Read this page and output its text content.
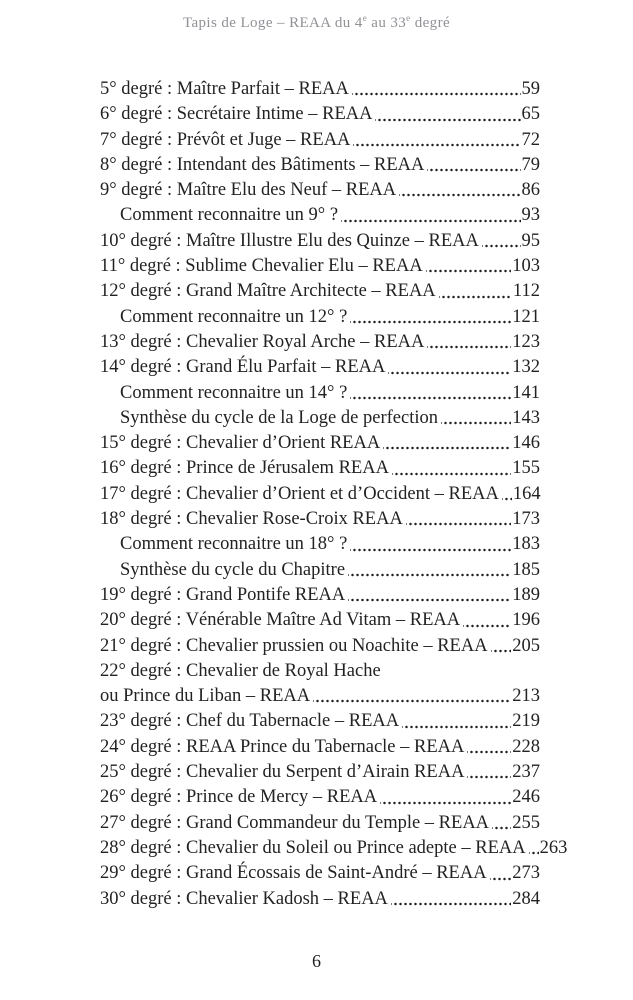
Tapis de Loge – REAA du 4e au 33e degré
5° degré : Maître Parfait – REAA	59
6° degré : Secrétaire Intime – REAA	65
7° degré : Prévôt et Juge – REAA	72
8° degré : Intendant des Bâtiments – REAA	79
9° degré : Maître Elu des Neuf – REAA	86
Comment reconnaitre un 9° ?	93
10° degré : Maître Illustre Elu des Quinze – REAA 95
11° degré : Sublime Chevalier Elu – REAA	103
12° degré : Grand Maître Architecte – REAA	112
Comment reconnaitre un 12° ?	121
13° degré : Chevalier Royal Arche – REAA	123
14° degré : Grand Élu Parfait – REAA	132
Comment reconnaitre un 14° ?	141
Synthèse du cycle de la Loge de perfection	143
15° degré : Chevalier d’Orient REAA	146
16° degré : Prince de Jérusalem REAA	155
17° degré : Chevalier d’Orient et d’Occident – REAA 164
18° degré : Chevalier Rose-Croix REAA	173
Comment reconnaitre un 18° ?	183
Synthèse du cycle du Chapitre	185
19° degré : Grand Pontife REAA	189
20° degré : Vénérable Maître Ad Vitam – REAA	196
21° degré : Chevalier prussien ou Noachite – REAA 205
22° degré : Chevalier de Royal Hache
ou Prince du Liban – REAA	213
23° degré : Chef du Tabernacle – REAA	219
24° degré : REAA Prince du Tabernacle – REAA	228
25° degré : Chevalier du Serpent d’Airain REAA	237
26° degré : Prince de Mercy – REAA	246
27° degré : Grand Commandeur du Temple – REAA 255
28° degré : Chevalier du Soleil ou Prince adepte – REAA 263
29° degré : Grand Écossais de Saint-André – REAA 273
30° degré : Chevalier Kadosh – REAA	284
6
